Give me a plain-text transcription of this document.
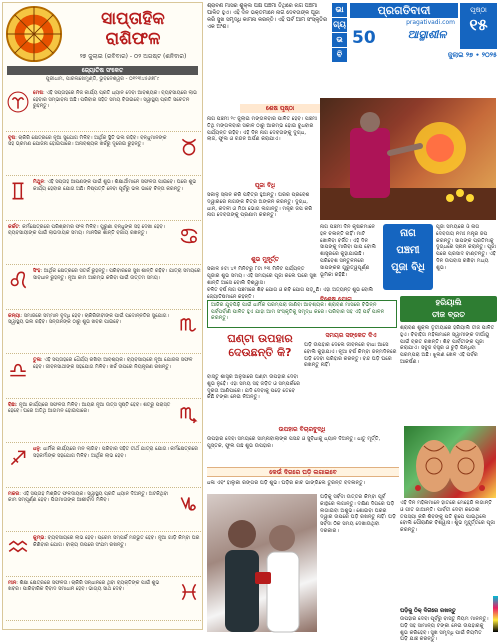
ସାପ୍ତାହିକ
ରାଶିଫଳ
୨୭ ଜୁଲାଇ (ରବିବାର) - ୦୨ ଅଗଷ୍ଟ (ଶନିବାର)
ଜ୍ୟୋତିଷ ସଂକେତ
ପୁରୀଧାମ, ପାରଳାଖେମୁଣ୍ଡି, ଭୁବନେଶ୍ୱର - ୦୧୨୩୪୫୬୭୮୯
ମେଷ: ଏହି ସପ୍ତାହରେ ନିଜ କାର୍ଯ୍ୟ ପ୍ରତି ଧ୍ୟାନ ଦେବା ଆବଶ୍ୟକ। ବ୍ୟବସାୟରେ ଲାଭ ହେବାର ସମ୍ଭାବନା ଅଛି। ପରିବାର ସହିତ ସମୟ ବିତାଇବେ। ସ୍ୱାସ୍ଥ୍ୟ ପ୍ରତି ସଚେତନ ରୁହନ୍ତୁ।
ବୃଷ: ଚାକିରି କ୍ଷେତ୍ରରେ ନୂଆ ସୁଯୋଗ ମିଳିବ। ଆର୍ଥିକ ସ୍ଥିତି ଭଲ ରହିବ। ବନ୍ଧୁମାନଙ୍କ ସହ ଭ୍ରମଣ ଯୋଜନା ହୋଇପାରେ। ଅନାବଶ୍ୟକ ଖର୍ଚ୍ଚରୁ ଦୂରେଇ ରୁହନ୍ତୁ।
ମିଥୁନ: ଏହି ସପ୍ତାହ ଆପଣଙ୍କ ପାଇଁ ଶୁଭ। ଶିକ୍ଷାର୍ଥୀମାନେ ସଫଳତା ପାଇବେ। ଘରେ ଶୁଭ କାର୍ଯ୍ୟ ହେବାର ଯୋଗ ଅଛି। ନିଷ୍ପତ୍ତି ନେବା ପୂର୍ବରୁ ଭଲ ଭାବେ ଚିନ୍ତା କରନ୍ତୁ।
କର୍କଟ: କର୍ମକ୍ଷେତ୍ରରେ ପରିଶ୍ରମର ଫଳ ମିଳିବ। ପୁରୁଣା ବନ୍ଧୁଙ୍କ ସହ ଦେଖା ହେବ। ବ୍ୟବସାୟୀଙ୍କ ପାଇଁ ଲାଭଦାୟକ ସମୟ। ମାନସିକ ଶାନ୍ତି ବଜାୟ ରଖନ୍ତୁ।
ସିଂହ: ଆର୍ଥିକ କ୍ଷେତ୍ରରେ ସତର୍କ ରୁହନ୍ତୁ। ପରିବାରରେ ସୁଖ ଶାନ୍ତି ରହିବ। ଯାତ୍ରା ସମୟରେ ସାବଧାନ ରୁହନ୍ତୁ। ନୂଆ କାମ ଆରମ୍ଭ କରିବା ପାଇଁ ଉତ୍ତମ ସମୟ।
କନ୍ୟା: ସମାଜରେ ସମ୍ମାନ ବୃଦ୍ଧି ହେବ। ଚାକିରିଜୀବୀଙ୍କ ପାଇଁ ପଦୋନ୍ନତିର ସୁଯୋଗ। ସ୍ୱାସ୍ଥ୍ୟ ଭଲ ରହିବ। ସନ୍ତାନଙ୍କ ଠାରୁ ଶୁଭ ଖବର ପାଇବେ।
ତୁଳା: ଏହି ସପ୍ତାହରେ ଧୈର୍ଯ୍ୟ ରଖିବା ଆବଶ୍ୟକ। ବ୍ୟବସାୟରେ ନୂଆ ଯୋଜନା ସଫଳ ହେବ। ଜୀବନସାଥୀଙ୍କ ସହଯୋଗ ମିଳିବ। ଖର୍ଚ୍ଚ ଉପରେ ନିୟନ୍ତ୍ରଣ ରଖନ୍ତୁ।
ବିଛା: ନୂଆ କାର୍ଯ୍ୟରେ ସଫଳତା ମିଳିବ। ଆୟର ନୂଆ ଉତ୍ସ ସୃଷ୍ଟି ହେବ। ଶତ୍ରୁ ପରାସ୍ତ ହେବେ। ଘରେ ଅତିଥି ଆଗମନ ହୋଇପାରେ।
ଧନୁ: ଧାର୍ମିକ କାର୍ଯ୍ୟରେ ମନ ଲାଗିବ। ପରିବାର ସହିତ ତୀର୍ଥ ଯାତ୍ରା ଯୋଗ। କର୍ମକ୍ଷେତ୍ରରେ ସହକର୍ମୀଙ୍କ ସହଯୋଗ ମିଳିବ। ଆର୍ଥିକ ଲାଭ ହେବ।
ମକର: ଏହି ସପ୍ତାହ ମିଶ୍ରିତ ଫଳଦାୟକ। ସ୍ୱାସ୍ଥ୍ୟ ପ୍ରତି ଧ୍ୟାନ ଦିଅନ୍ତୁ। ଅଟକିଥିବା କାମ ସମ୍ପୂର୍ଣ୍ଣ ହେବ। ପିତାମାତାଙ୍କ ଆଶୀର୍ବାଦ ମିଳିବ।
କୁମ୍ଭ: ବ୍ୟବସାୟରେ ଲାଭ ହେବ। ପ୍ରେମ ସମ୍ପର୍କ ମଜଭୁତ ହେବ। ନୂଆ ଗାଡ଼ି କିମ୍ବା ଘର କିଣିବାର ଯୋଗ। ବାକ୍ୟ ଉପରେ ସଂଯମ ରଖନ୍ତୁ।
ମୀନ: ଶିକ୍ଷା କ୍ଷେତ୍ରରେ ସଫଳତା। ଚାକିରି ସନ୍ଧାନରେ ଥିବା ବ୍ୟକ୍ତିଙ୍କ ପାଇଁ ଶୁଭ ଖବର। ପାରିବାରିକ ବିବାଦ ସମାଧାନ ହେବ। ଭାଗ୍ୟ ସାଥ ଦେବ।
ଶ୍ରାବଣ ମାସର ଶୁକ୍ଲ ପକ୍ଷ ପଞ୍ଚମୀ ତିଥିରେ ନାଗ ପଞ୍ଚମୀ ପାଳିତ ହୁଏ। ଏହି ଦିନ ଭକ୍ତମାନେ ନାଗ ଦେବତାଙ୍କ ପୂଜା କରି ସୁଖ ସମୃଦ୍ଧି କାମନା କରନ୍ତି। ଏହି ପର୍ବ ଆମ ସଂସ୍କୃତିର ଏକ ଅଂଶ।
ଭା
ଗ୍ୟ
ଭ
ବି
ପ୍ରଗତିବାଦୀ
pragativadi.com
50	ଆସ୍ଥାଶୀଳ
ପୃଷ୍ଠା
୧୫
ଜୁଲାଇ ୨୭ • ୨୦୨୫
ଶେଷ ପୃଷ୍ଠା
ନାଗ ପଞ୍ଚମୀ ୨୯ ଜୁଲାଇ ମଙ୍ଗଳବାର ପାଳିତ ହେବ। ପଞ୍ଚମୀ ତିଥି ମଙ୍ଗଳବାର ସକାଳ ଠାରୁ ଆରମ୍ଭ ହୋଇ ବୁଧବାର ପର୍ଯ୍ୟନ୍ତ ରହିବ। ଏହି ଦିନ ନାଗ ଦେବତାଙ୍କୁ ଦୁଗ୍ଧ, ଲାଜ, ଫୁଲ ଓ ଚନ୍ଦନ ଅର୍ପଣ କରାଯାଏ।
ପୂଜା ବିଧି
ସକାଳୁ ସ୍ନାନ କରି ପବିତ୍ର ହୁଅନ୍ତୁ। ଘରର ପ୍ରବେଶ ଦ୍ୱାରରେ ନାଗଙ୍କ ଚିତ୍ର ଅଙ୍କନ କରନ୍ତୁ। ଦୁଗ୍ଧ, ଧାନ, କଦଳୀ ଓ ମିଠା ଭୋଗ ଲଗାନ୍ତୁ। ମନ୍ତ୍ର ଜପ କରି ନାଗ ଦେବତାଙ୍କୁ ପ୍ରଣାମ କରନ୍ତୁ।
ଶୁଭ ମୁହୂର୍ତ୍ତ
ସକାଳ ୫ଟା ୪୧ ମିନିଟରୁ ୮ଟା ୨୩ ମିନିଟ ପର୍ଯ୍ୟନ୍ତ ପୂଜାର ଶୁଭ ସମୟ। ଏହି ସମୟରେ ପୂଜା କଲେ ଘରେ ସୁଖ ଶାନ୍ତି ଆସେ ବୋଲି ବିଶ୍ୱାସ।
ନାଗ ପଞ୍ଚମୀ ଦିନ କୃଷକମାନେ ହଳ ଚଳାନ୍ତି ନାହିଁ। ମାଟି ଖୋଳିବା ବର୍ଜିତ। ଏହି ଦିନ ସାପଙ୍କୁ ମାରିବା ପାପ ବୋଲି ଶାସ୍ତ୍ରରେ କୁହାଯାଇଛି। ପରିବେଶ ସନ୍ତୁଳନରେ ସାପଙ୍କର ଗୁରୁତ୍ୱପୂର୍ଣ୍ଣ ଭୂମିକା ରହିଛି।
ନାଗ
ପଞ୍ଚମୀ
ପୂଜା ବିଧି
ପୂଜା ସମୟରେ ଓଁ ନାଗ ଦେବତାୟ ନମଃ ମନ୍ତ୍ର ଜପ କରନ୍ତୁ। ସାପଙ୍କ ପ୍ରତିମାକୁ ଦୁଗ୍ଧରେ ସ୍ନାନ କରାନ୍ତୁ। ପୂଜା ପରେ ପ୍ରସାଦ ବାଣ୍ଟନ୍ତୁ। ଏହି ଦିନ ଉପବାସ ରଖିବା ମଧ୍ୟ ଶୁଭ।
ବିଶେଷ ଯୋଗ
ଚଳିତ ବର୍ଷ ନାଗ ପଞ୍ଚମୀରେ ଶିବ ଯୋଗ ଓ ରବି ଯୋଗ ପଡ଼ୁଛି। ଏହା ଅତ୍ୟନ୍ତ ଶୁଭ ବୋଲି ଜ୍ୟୋତିଷମାନେ କହନ୍ତି।
ଆଜିର ଯୁବପିଢ଼ି ପାଇଁ ଧାର୍ମିକ ପରମ୍ପରା ଜାଣିବା ଆବଶ୍ୟକ। ଶ୍ରାବଣ ମାସରେ ବିଭିନ୍ନ ପର୍ବପର୍ବାଣି ପାଳିତ ହୁଏ ଯାହା ଆମ ସଂସ୍କୃତିକୁ ସମୃଦ୍ଧ କରେ। ପରିବାର ସହ ଏହି ପର୍ବ ପାଳନ କରନ୍ତୁ।
ହରିୟାଲି
ତୀଜ ବ୍ରତ
ଶ୍ରାବଣ ଶୁକ୍ଲ ତୃତୀୟାରେ ହରିୟାଲି ତୀଜ ପାଳିତ ହୁଏ। ବିବାହିତା ମହିଳାମାନେ ସ୍ୱାମୀଙ୍କ ଦୀର୍ଘାୟୁ ପାଇଁ ବ୍ରତ ରଖନ୍ତି। ଶିବ ପାର୍ବତୀଙ୍କ ପୂଜା କରାଯାଏ। ସବୁଜ ବସ୍ତ୍ର ଓ ଚୁଡ଼ି ପିନ୍ଧିବା ପରମ୍ପରା ଅଛି। ଝୁଲଣ ଖେଳ ଏହି ପର୍ବର ଆକର୍ଷଣ।
ଏହି ଦିନ ମହିଳାମାନେ ହାତରେ ମେହେନ୍ଦି ଲଗାନ୍ତି ଓ ଗୀତ ଗାଆନ୍ତି। ପାର୍ବତୀ ଦେବୀ କଠୋର ତପସ୍ୟା କରି ଶିବଙ୍କୁ ପତି ରୂପେ ପାଇଥିଲେ ବୋଲି ପୌରାଣିକ ବିଶ୍ୱାସ। ଶୁଭ ମୁହୂର୍ତ୍ତରେ ପୂଜା କରନ୍ତୁ।
ଘଣ୍ଟା ଉପହାର
ଦେଉଛନ୍ତି କି?
ବାସ୍ତୁ ଶାସ୍ତ୍ର ଅନୁସାରେ ଘଣ୍ଟା ଉପହାର ଦେବା ଶୁଭ ନୁହେଁ। ଏହା ସମୟ ସହ ଜଡ଼ିତ ଓ ସମ୍ପର୍କରେ ଦୂରତା ଆଣିପାରେ। ଯଦି ଦେବାକୁ ପଡ଼େ ତେବେ କିଛି ଟଙ୍କା ନେଇ ନିଅନ୍ତୁ।
ସମୟର ସଙ୍କେତ ଦିଏ
ଘଡ଼ି ଉପହାର ଦେଲେ ଜୀବନରେ ବାଧା ଆସେ ବୋଲି କୁହାଯାଏ। ନୂଆ ବର୍ଷ କିମ୍ବା ଜନ୍ମଦିନରେ ଘଡ଼ି ଦେବା ପରିହାର କରନ୍ତୁ। ବନ୍ଦ ଘଡ଼ି ଘରେ ରଖନ୍ତୁ ନାହିଁ।
ଉପହାର ବିଚାରବୁଦ୍ଧି
ଉପହାର ଦେବା ସମୟରେ ସାମ୍ନାବାଲାଙ୍କ ପସନ୍ଦ ଓ ସୁବିଧାକୁ ଧ୍ୟାନ ଦିଅନ୍ତୁ। ଧାତୁ ମୂର୍ତ୍ତି, ପୁସ୍ତକ, ଫୁଲ ଗଛ ଶୁଭ ଉପହାର।
କେଉଁ ଦିଗରେ ଘଡ଼ି ଲଗାଇବେ
ଧଳା ଏବଂ ହାଲୁକା ରଙ୍ଗର ଘଡ଼ି ଶୁଭ। ଘଡ଼ିର କାଚ ଭାଙ୍ଗିଲେ ତୁରନ୍ତ ବଦଳାନ୍ତୁ।
ଘଡ଼ିକୁ ସର୍ବଦା ଉତ୍ତର କିମ୍ବା ପୂର୍ବ କାନ୍ଥରେ ଲଗାନ୍ତୁ। ଦକ୍ଷିଣ ଦିଗରେ ଘଡ଼ି ଲଗାଇବା ଅଶୁଭ। ଶୋଇବା ଘରର ଦ୍ୱାର ଉପରେ ଘଡ଼ି ରଖନ୍ତୁ ନାହିଁ। ଘଡ଼ି ସର୍ବଦା ଠିକ ସମୟ ଦେଖାଉଥିବା ଦରକାର।
ଘଡ଼ିକୁ ଠିକ୍ ଦିଗରେ ରଖନ୍ତୁ
ଉପହାର ଦେବା ପୂର୍ବରୁ ବାସ୍ତୁ ନିୟମ ମାନନ୍ତୁ। ଘଡ଼ି ସହ ସାମାନ୍ୟ ଟଙ୍କା ନେଇ ଉପହାରକୁ ଶୁଭ କରିହେବ। ସୁଖ ସମୃଦ୍ଧି ପାଇଁ ନିୟମିତ ଘଡ଼ି ଯାଞ୍ଚ କରନ୍ତୁ।
